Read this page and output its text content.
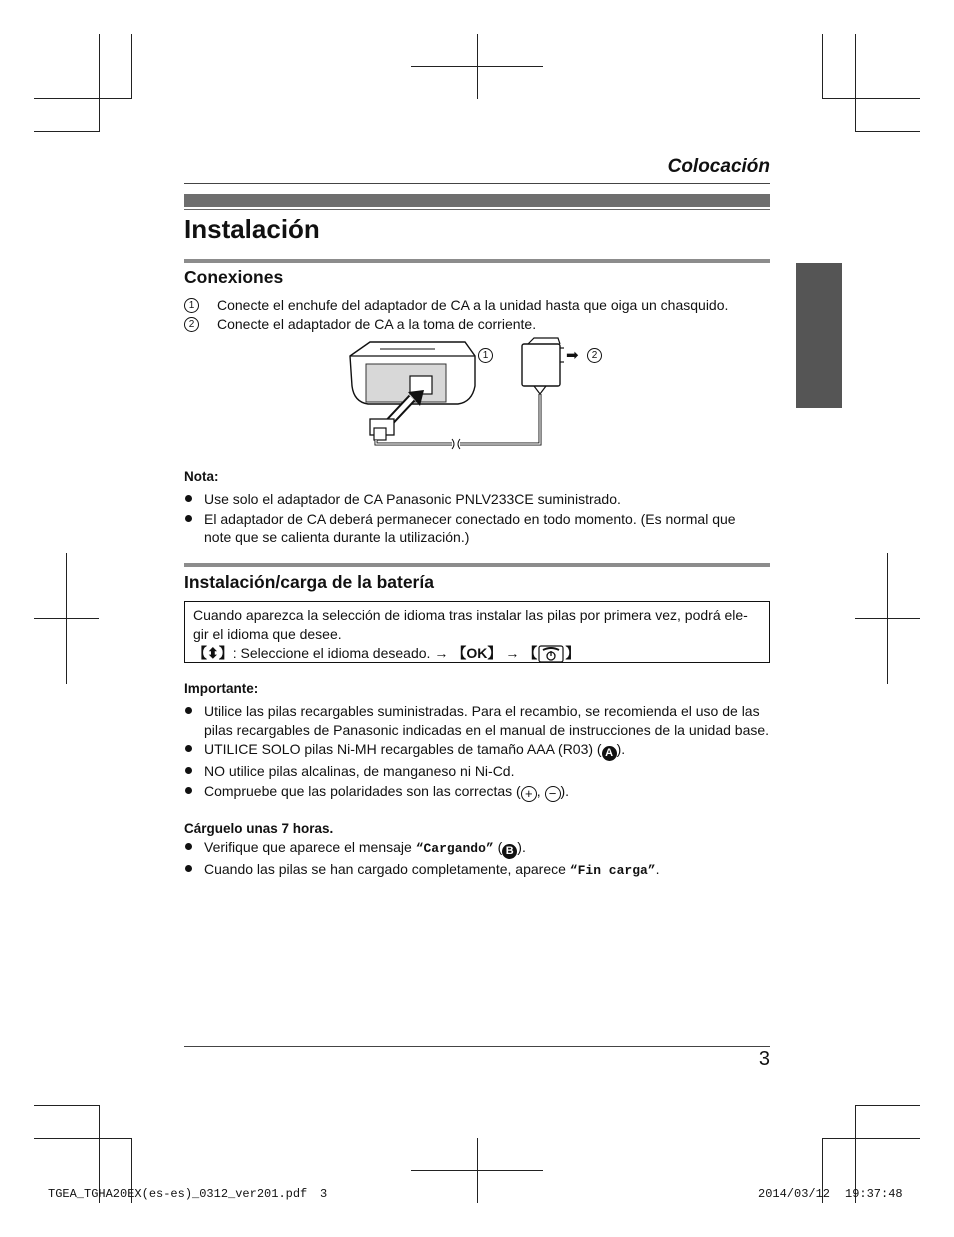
Colocación
Instalación
Conexiones
1	Conecte el enchufe del adaptador de CA a la unidad hasta que oiga un chasquido.
2	Conecte el adaptador de CA a la toma de corriente.
1	➡	2
Nota:
Use solo el adaptador de CA Panasonic PNLV233CE suministrado.
El adaptador de CA deberá permanecer conectado en todo momento. (Es normal que note que se calienta durante la utilización.)
Instalación/carga de la batería
Cuando aparezca la selección de idioma tras instalar las pilas por primera vez, podrá ele-gir el idioma que desee.
【⬍】 : Seleccione el idioma deseado. → 【OK】 → 【 】
Importante:
Utilice las pilas recargables suministradas. Para el recambio, se recomienda el uso de las pilas recargables de Panasonic indicadas en el manual de instrucciones de la unidad base.
UTILICE SOLO pilas Ni-MH recargables de tamaño AAA (R03) ( A ).
NO utilice pilas alcalinas, de manganeso ni Ni-Cd.
Compruebe que las polaridades son las correctas ( + , − ).
Cárguelo unas 7 horas.
Verifique que aparece el mensaje “Cargando” ( B ).
Cuando las pilas se han cargado completamente, aparece “Fin carga”.
3
TGEA_TGHA20EX(es-es)_0312_ver201.pdf 3	2014/03/12 19:37:48
